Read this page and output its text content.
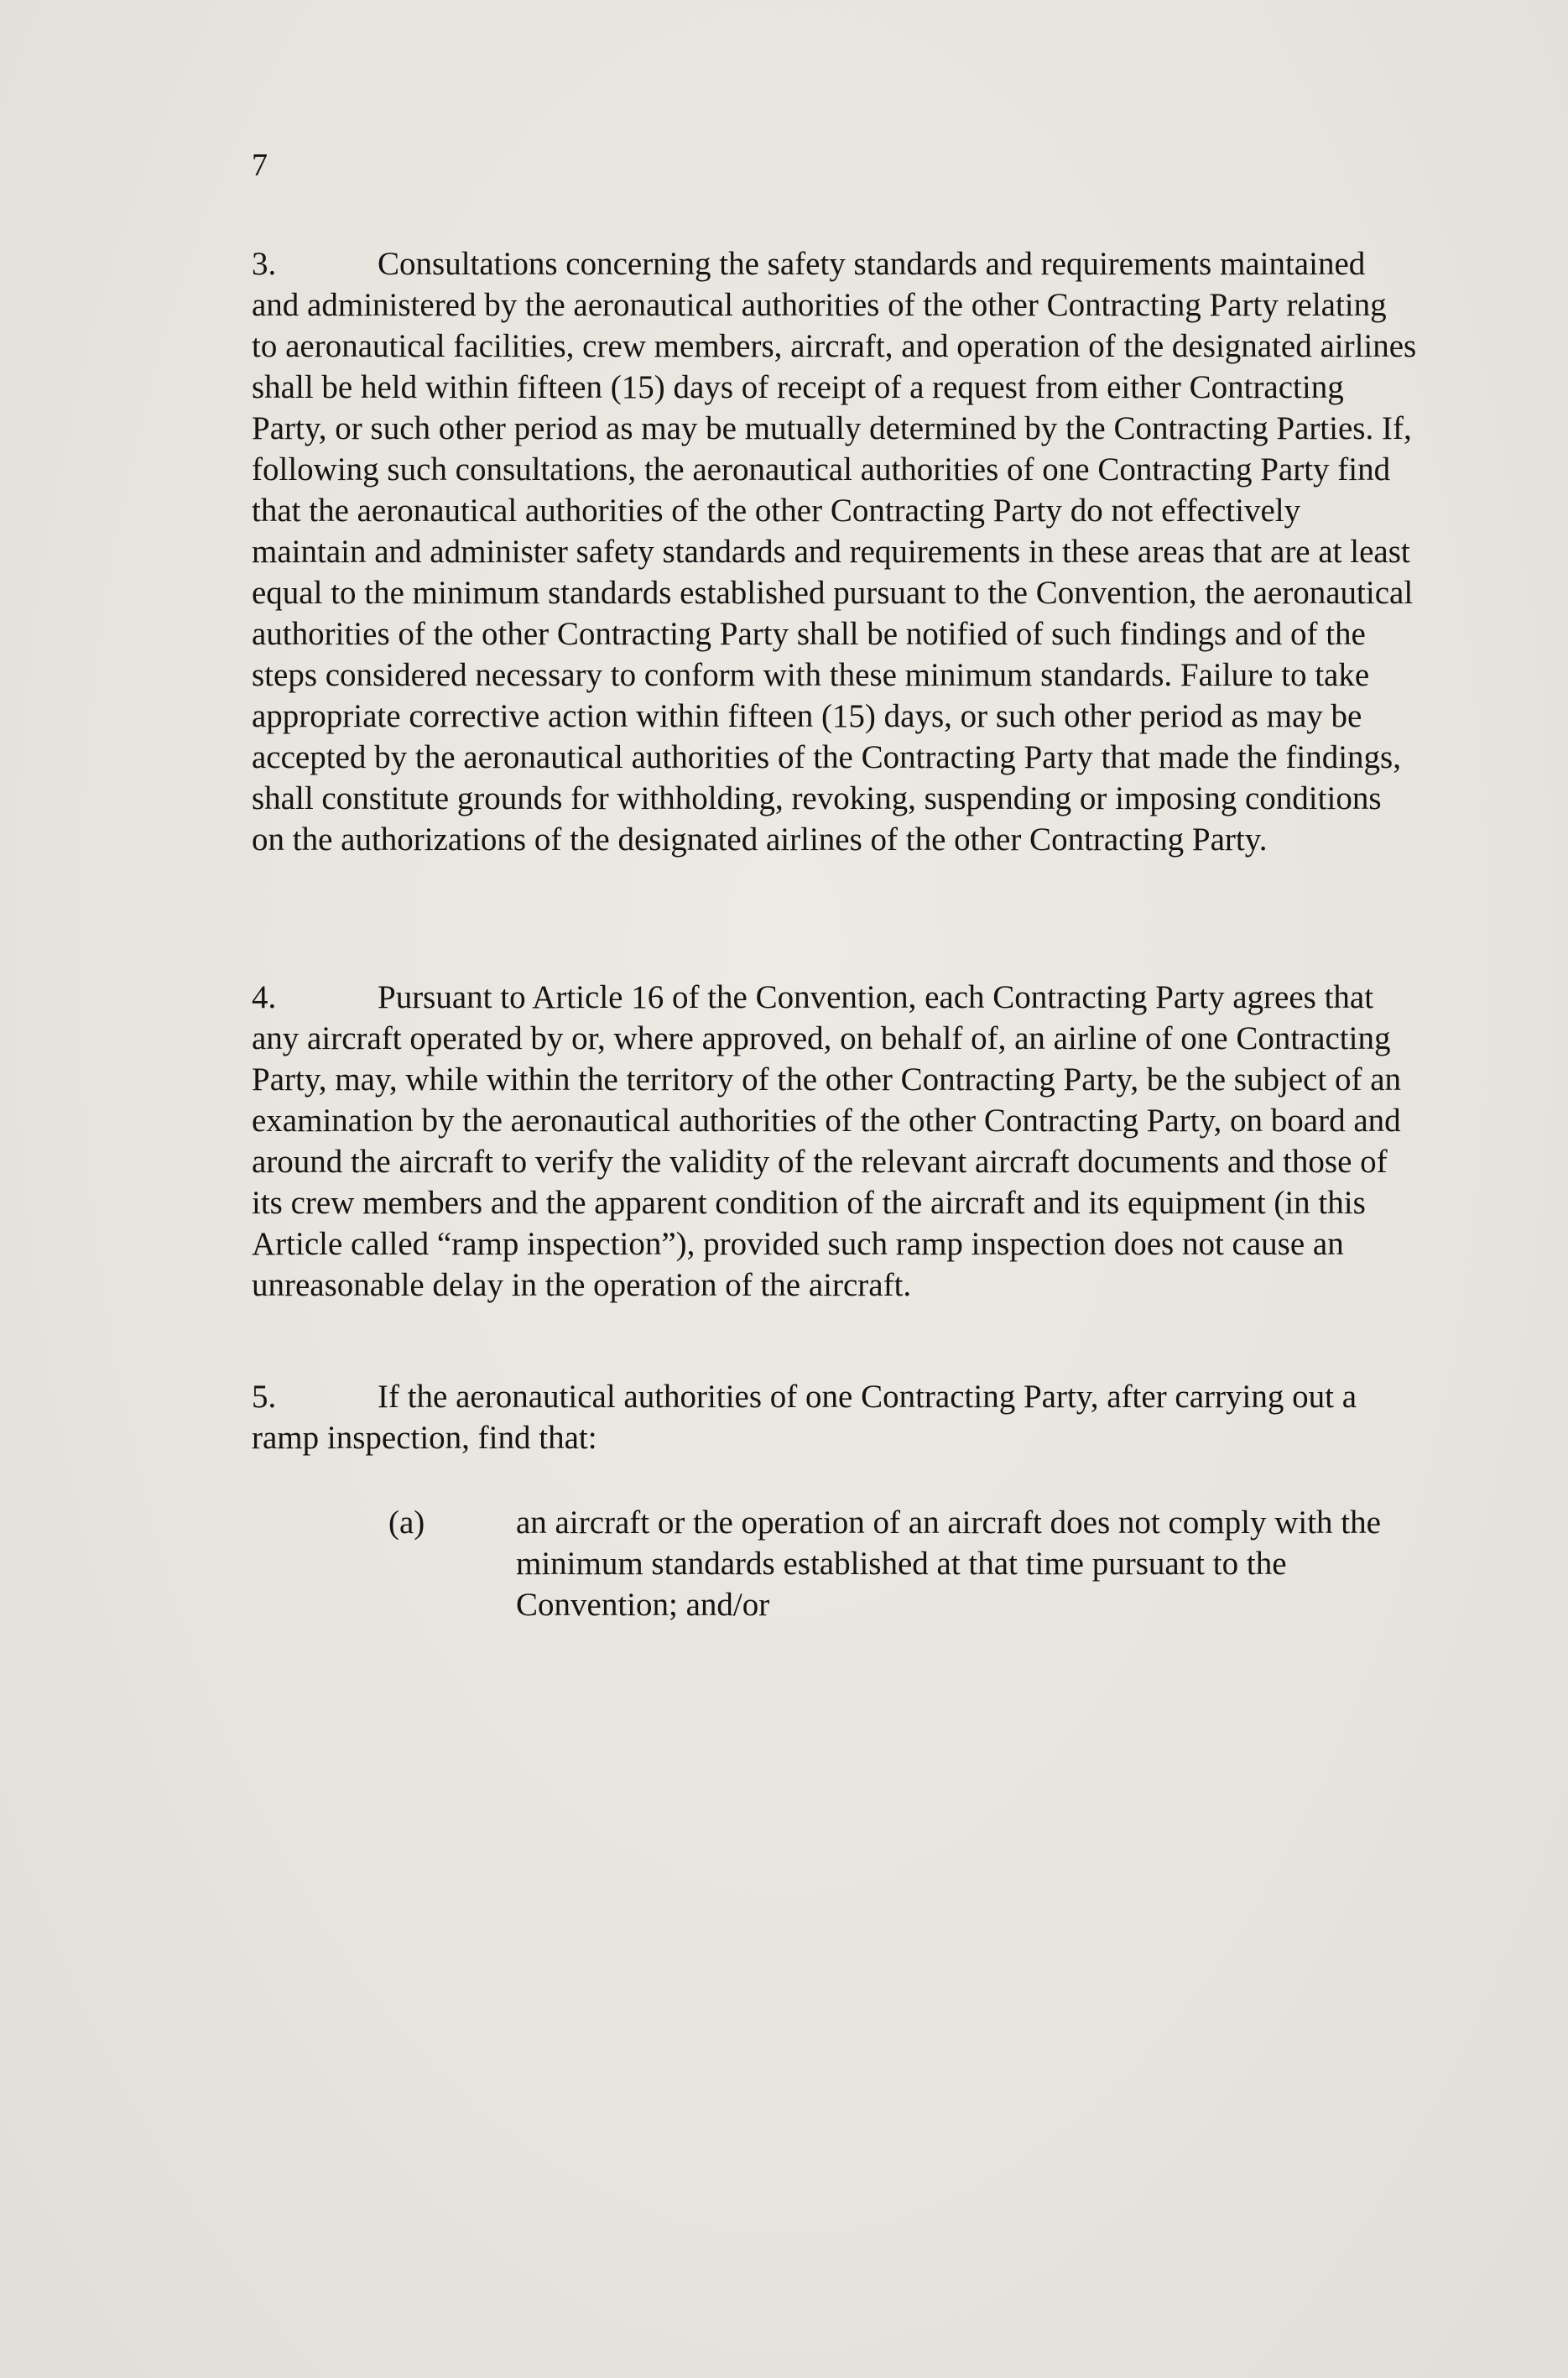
7
3.	Consultations concerning the safety standards and requirements maintained and administered by the aeronautical authorities of the other Contracting Party relating to aeronautical facilities, crew members, aircraft, and operation of the designated airlines shall be held within fifteen (15) days of receipt of a request from either Contracting Party, or such other period as may be mutually determined by the Contracting Parties. If, following such consultations, the aeronautical authorities of one Contracting Party find that the aeronautical authorities of the other Contracting Party do not effectively maintain and administer safety standards and requirements in these areas that are at least equal to the minimum standards established pursuant to the Convention, the aeronautical authorities of the other Contracting Party shall be notified of such findings and of the steps considered necessary to conform with these minimum standards. Failure to take appropriate corrective action within fifteen (15) days, or such other period as may be accepted by the aeronautical authorities of the Contracting Party that made the findings, shall constitute grounds for withholding, revoking, suspending or imposing conditions on the authorizations of the designated airlines of the other Contracting Party.
4.	Pursuant to Article 16 of the Convention, each Contracting Party agrees that any aircraft operated by or, where approved, on behalf of, an airline of one Contracting Party, may, while within the territory of the other Contracting Party, be the subject of an examination by the aeronautical authorities of the other Contracting Party, on board and around the aircraft to verify the validity of the relevant aircraft documents and those of its crew members and the apparent condition of the aircraft and its equipment (in this Article called “ramp inspection”), provided such ramp inspection does not cause an unreasonable delay in the operation of the aircraft.
5.	If the aeronautical authorities of one Contracting Party, after carrying out a ramp inspection, find that:
(a)	an aircraft or the operation of an aircraft does not comply with the minimum standards established at that time pursuant to the Convention; and/or
